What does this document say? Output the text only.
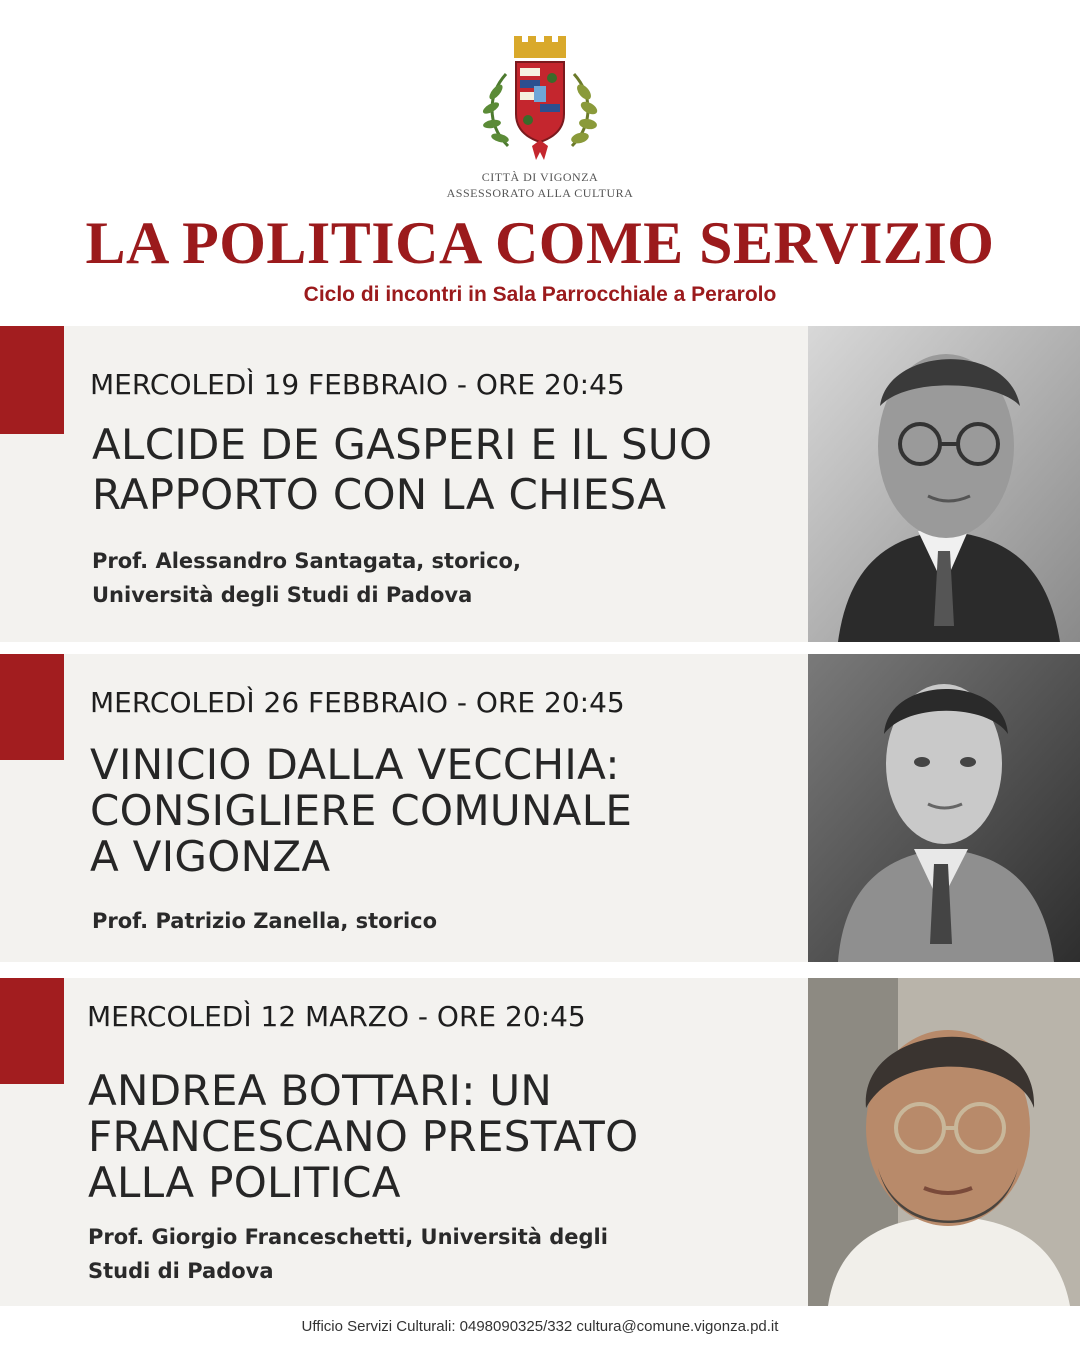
CITTÀ DI VIGONZA
ASSESSORATO ALLA CULTURA
LA POLITICA COME SERVIZIO
Ciclo di incontri in Sala Parrocchiale a Perarolo
MERCOLEDÌ 19 FEBBRAIO - ORE 20:45
ALCIDE DE GASPERI E IL SUO
RAPPORTO CON LA CHIESA
Prof. Alessandro Santagata, storico,
Università degli Studi di Padova
MERCOLEDÌ 26 FEBBRAIO - ORE 20:45
VINICIO DALLA VECCHIA:
CONSIGLIERE COMUNALE
A VIGONZA
Prof. Patrizio Zanella, storico
MERCOLEDÌ 12 MARZO - ORE 20:45
ANDREA BOTTARI: UN
FRANCESCANO PRESTATO
ALLA POLITICA
Prof. Giorgio Franceschetti, Università degli
Studi di Padova
Ufficio Servizi Culturali: 0498090325/332 cultura@comune.vigonza.pd.it
